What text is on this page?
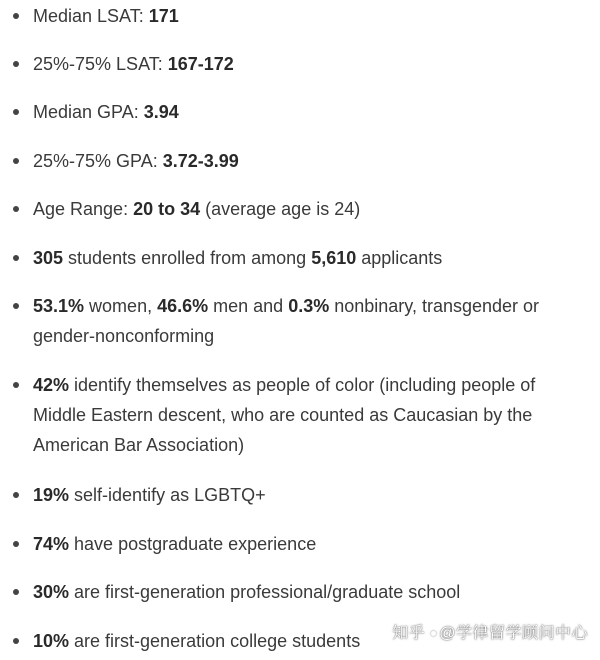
Median LSAT: 171
25%-75% LSAT: 167-172
Median GPA: 3.94
25%-75% GPA: 3.72-3.99
Age Range: 20 to 34 (average age is 24)
305 students enrolled from among 5,610 applicants
53.1% women, 46.6% men and 0.3% nonbinary, transgender or gender-nonconforming
42% identify themselves as people of color (including people of Middle Eastern descent, who are counted as Caucasian by the American Bar Association)
19% self-identify as LGBTQ+
74% have postgraduate experience
30% are first-generation professional/graduate school
10% are first-generation college students	知乎 @学律留学顾问中心
